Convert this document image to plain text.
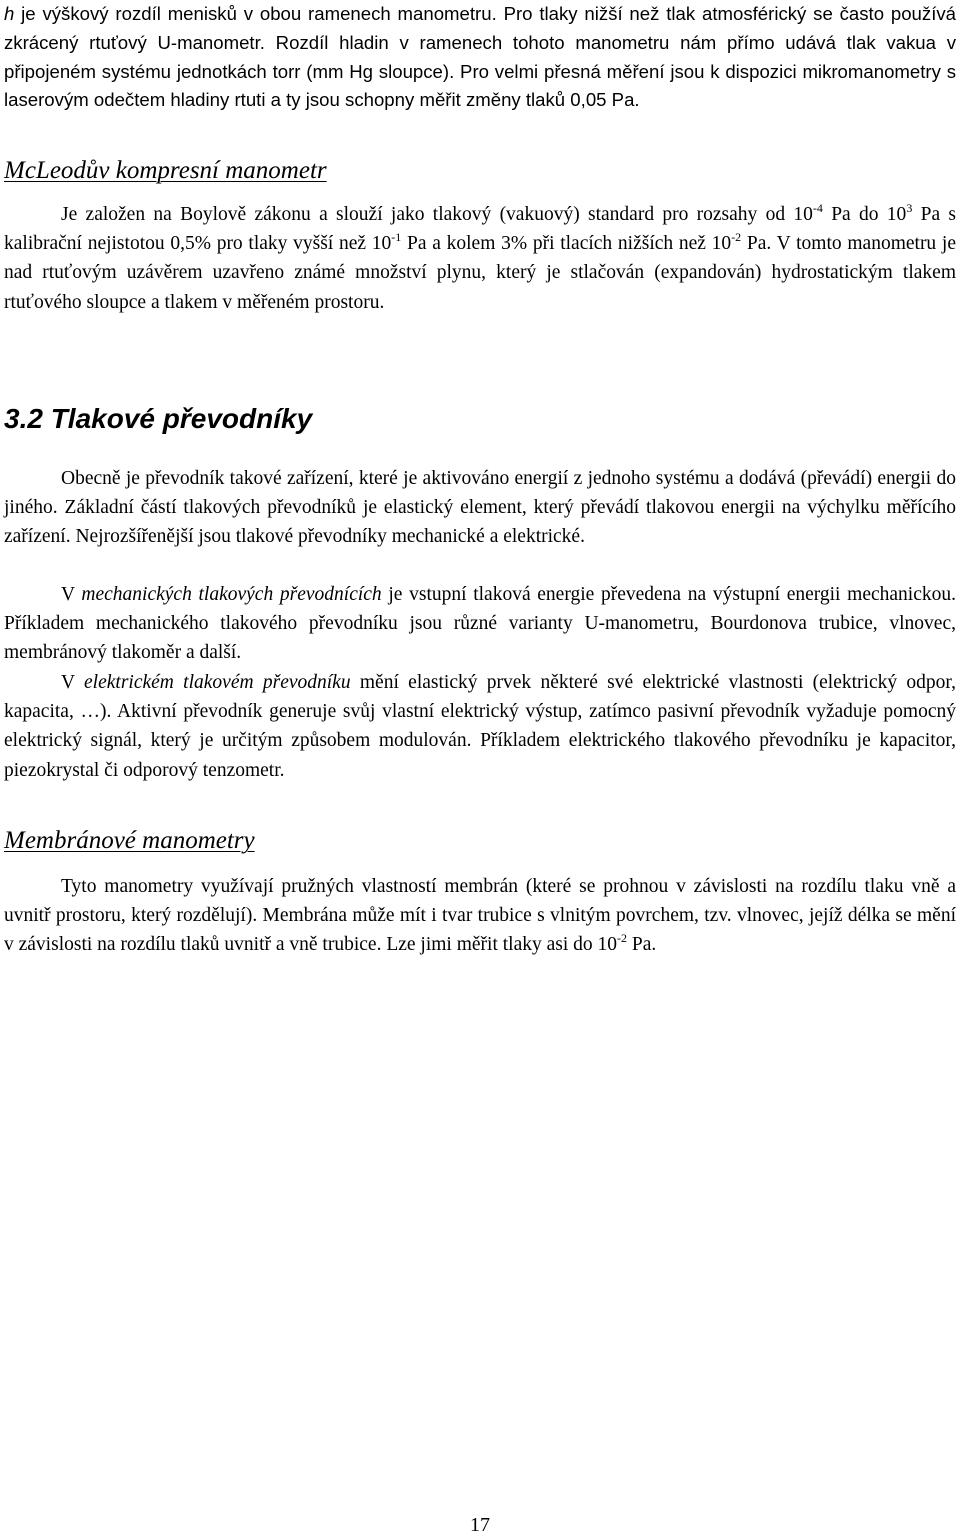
h je výškový rozdíl menisků v obou ramenech manometru. Pro tlaky nižší než tlak atmosférický se často používá zkrácený rtuťový U-manometr. Rozdíl hladin v ramenech tohoto manometru nám přímo udává tlak vakua v připojeném systému jednotkách torr (mm Hg sloupce). Pro velmi přesná měření jsou k dispozici mikromanometry s laserovým odečtem hladiny rtuti a ty jsou schopny měřit změny tlaků 0,05 Pa.

McLeodův kompresní manometr

Je založen na Boylově zákonu a slouží jako tlakový (vakuový) standard pro rozsahy od $10^{-4}$ Pa do $10^3$ Pa s kalibrační nejistotou 0,5% pro tlaky vyšší než $10^{-1}$ Pa a kolem 3% při tlacích nižších než $10^{-2}$ Pa. V tomto manometru je nad rtuťovým uzávěrem uzavřeno známé množství plynu, který je stlačován (expandován) hydrostatickým tlakem rtuťového sloupce a tlakem v měřeném prostoru.

3.2 Tlakové převodníky

Obecně je převodník takové zařízení, které je aktivováno energií z jednoho systému a dodává (převádí) energii do jiného. Základní částí tlakových převodníků je elastický element, který převádí tlakovou energii na výchylku měřícího zařízení. Nejrozšířenější jsou tlakové převodníky mechanické a elektrické.

V mechanických tlakových převodnících je vstupní tlaková energie převedena na výstupní energii mechanickou. Příkladem mechanického tlakového převodníku jsou různé varianty U-manometru, Bourdonova trubice, vlnovec, membránový tlakoměr a další.

V elektrickém tlakovém převodníku mění elastický prvek některé své elektrické vlastnosti (elektrický odpor, kapacita, …). Aktivní převodník generuje svůj vlastní elektrický výstup, zatímco pasivní převodník vyžaduje pomocný elektrický signál, který je určitým způsobem modulován. Příkladem elektrického tlakového převodníku je kapacitor, piezokrystal či odporový tenzometr.

Membránové manometry

Tyto manometry využívají pružných vlastností membrán (které se prohnou v závislosti na rozdílu tlaku vně a uvnitř prostoru, který rozdělují). Membrána může mít i tvar trubice s vlnitým povrchem, tzv. vlnovec, jejíž délka se mění v závislosti na rozdílu tlaků uvnitř a vně trubice. Lze jimi měřit tlaky asi do $10^{-2}$ Pa.

17
